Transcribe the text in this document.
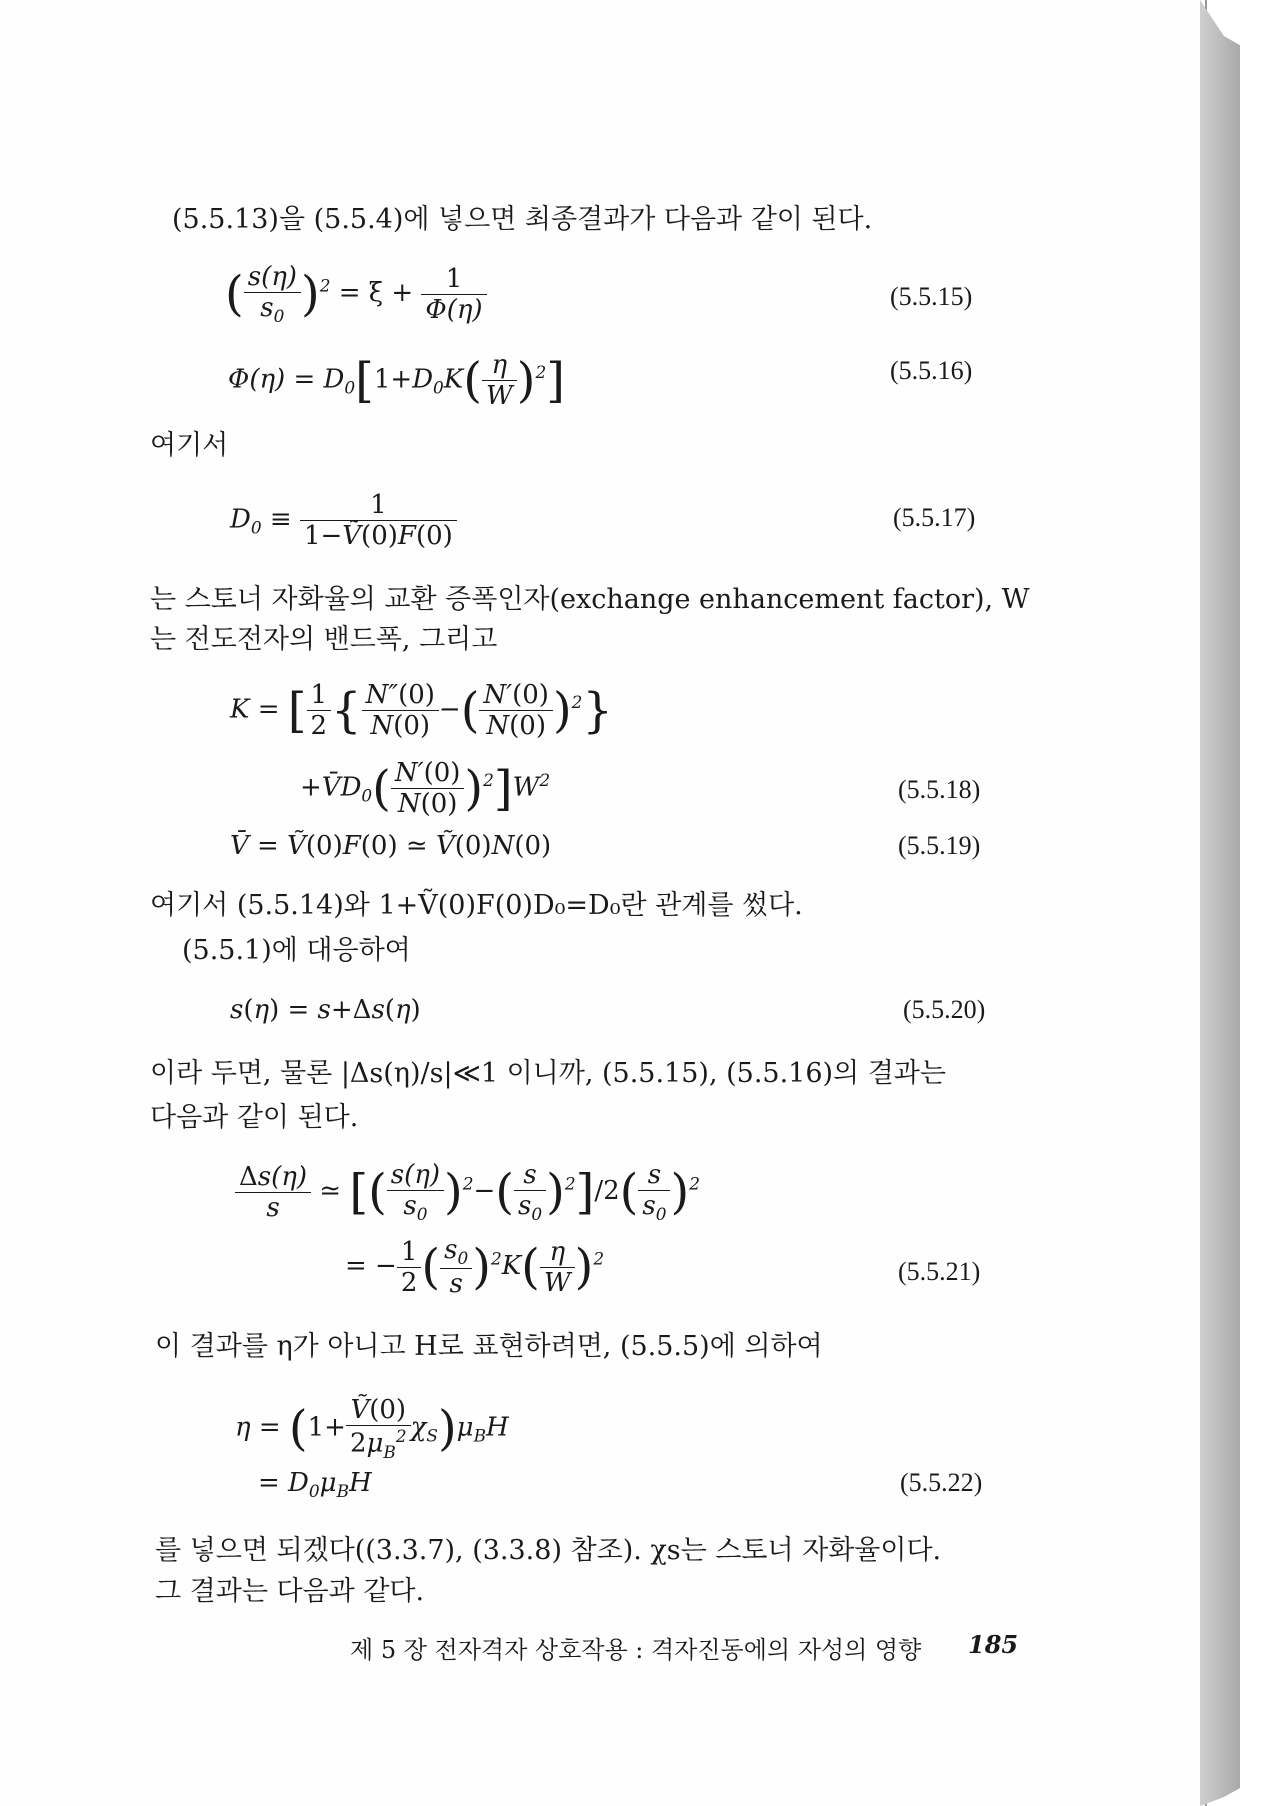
(5.5.13)을 (5.5.4)에 넣으면 최종결과가 다음과 같이 된다.
( $\frac{s(\eta)}{s_0} )^2 = \xi + \frac{1}{\Phi(\eta)}$	(5.5.15)
$\Phi(\eta) = D_0[1+D_0K( \frac{\eta}{W} )^2]$	(5.5.16)
여기서
$D_0 \equiv \frac{1}{\text{1−Ṽ(0)F(0)}}$	(5.5.17)
는 스토너 자화율의 교환 증폭인자(exchange enhancement factor), W
는 전도전자의 밴드폭, 그리고
K = [ $\frac{1}{2}$ { $\frac{N''(0)}{N(0)}$ −( $\frac{N'(0)}{N(0)} )^2$}
$+V̄D_0( \frac{N'(0)}{N(0)} )^2]W^2$	(5.5.18)
V̄ = Ṽ(0)F(0) ≃ Ṽ(0)N(0)	(5.5.19)
여기서 (5.5.14)와 1+Ṽ(0)F(0)D₀=D₀란 관계를 썼다.
(5.5.1)에 대응하여
s(η) = s+Δs(η)	(5.5.20)
이라 두면, 물론 |Δs(η)/s|≪1 이니까, (5.5.15), (5.5.16)의 결과는
다음과 같이 된다.
$\frac{\Delta s(\eta)}{s}$ ≃ [( $\frac{s(\eta)}{s_0} )^2-( \frac{s}{s_0} )^2]/2( \frac{s}{s_0} )^2$
= − $\frac{1}{2}$ ( $\frac{s_0}{s} )^2K( \frac{\eta}{W} )^2$	(5.5.21)
이 결과를 η가 아니고 H로 표현하려면, (5.5.5)에 의하여
$\eta = (1+ \frac{\text{Ṽ(0)}}{2\mu_B^2} \chi_S)\mu_BH$
= $D_0\mu_BH$	(5.5.22)
를 넣으면 되겠다((3.3.7), (3.3.8) 참조). χs는 스토너 자화율이다.
그 결과는 다음과 같다.
제 5 장 전자격자 상호작용 : 격자진동에의 자성의 영향 185
